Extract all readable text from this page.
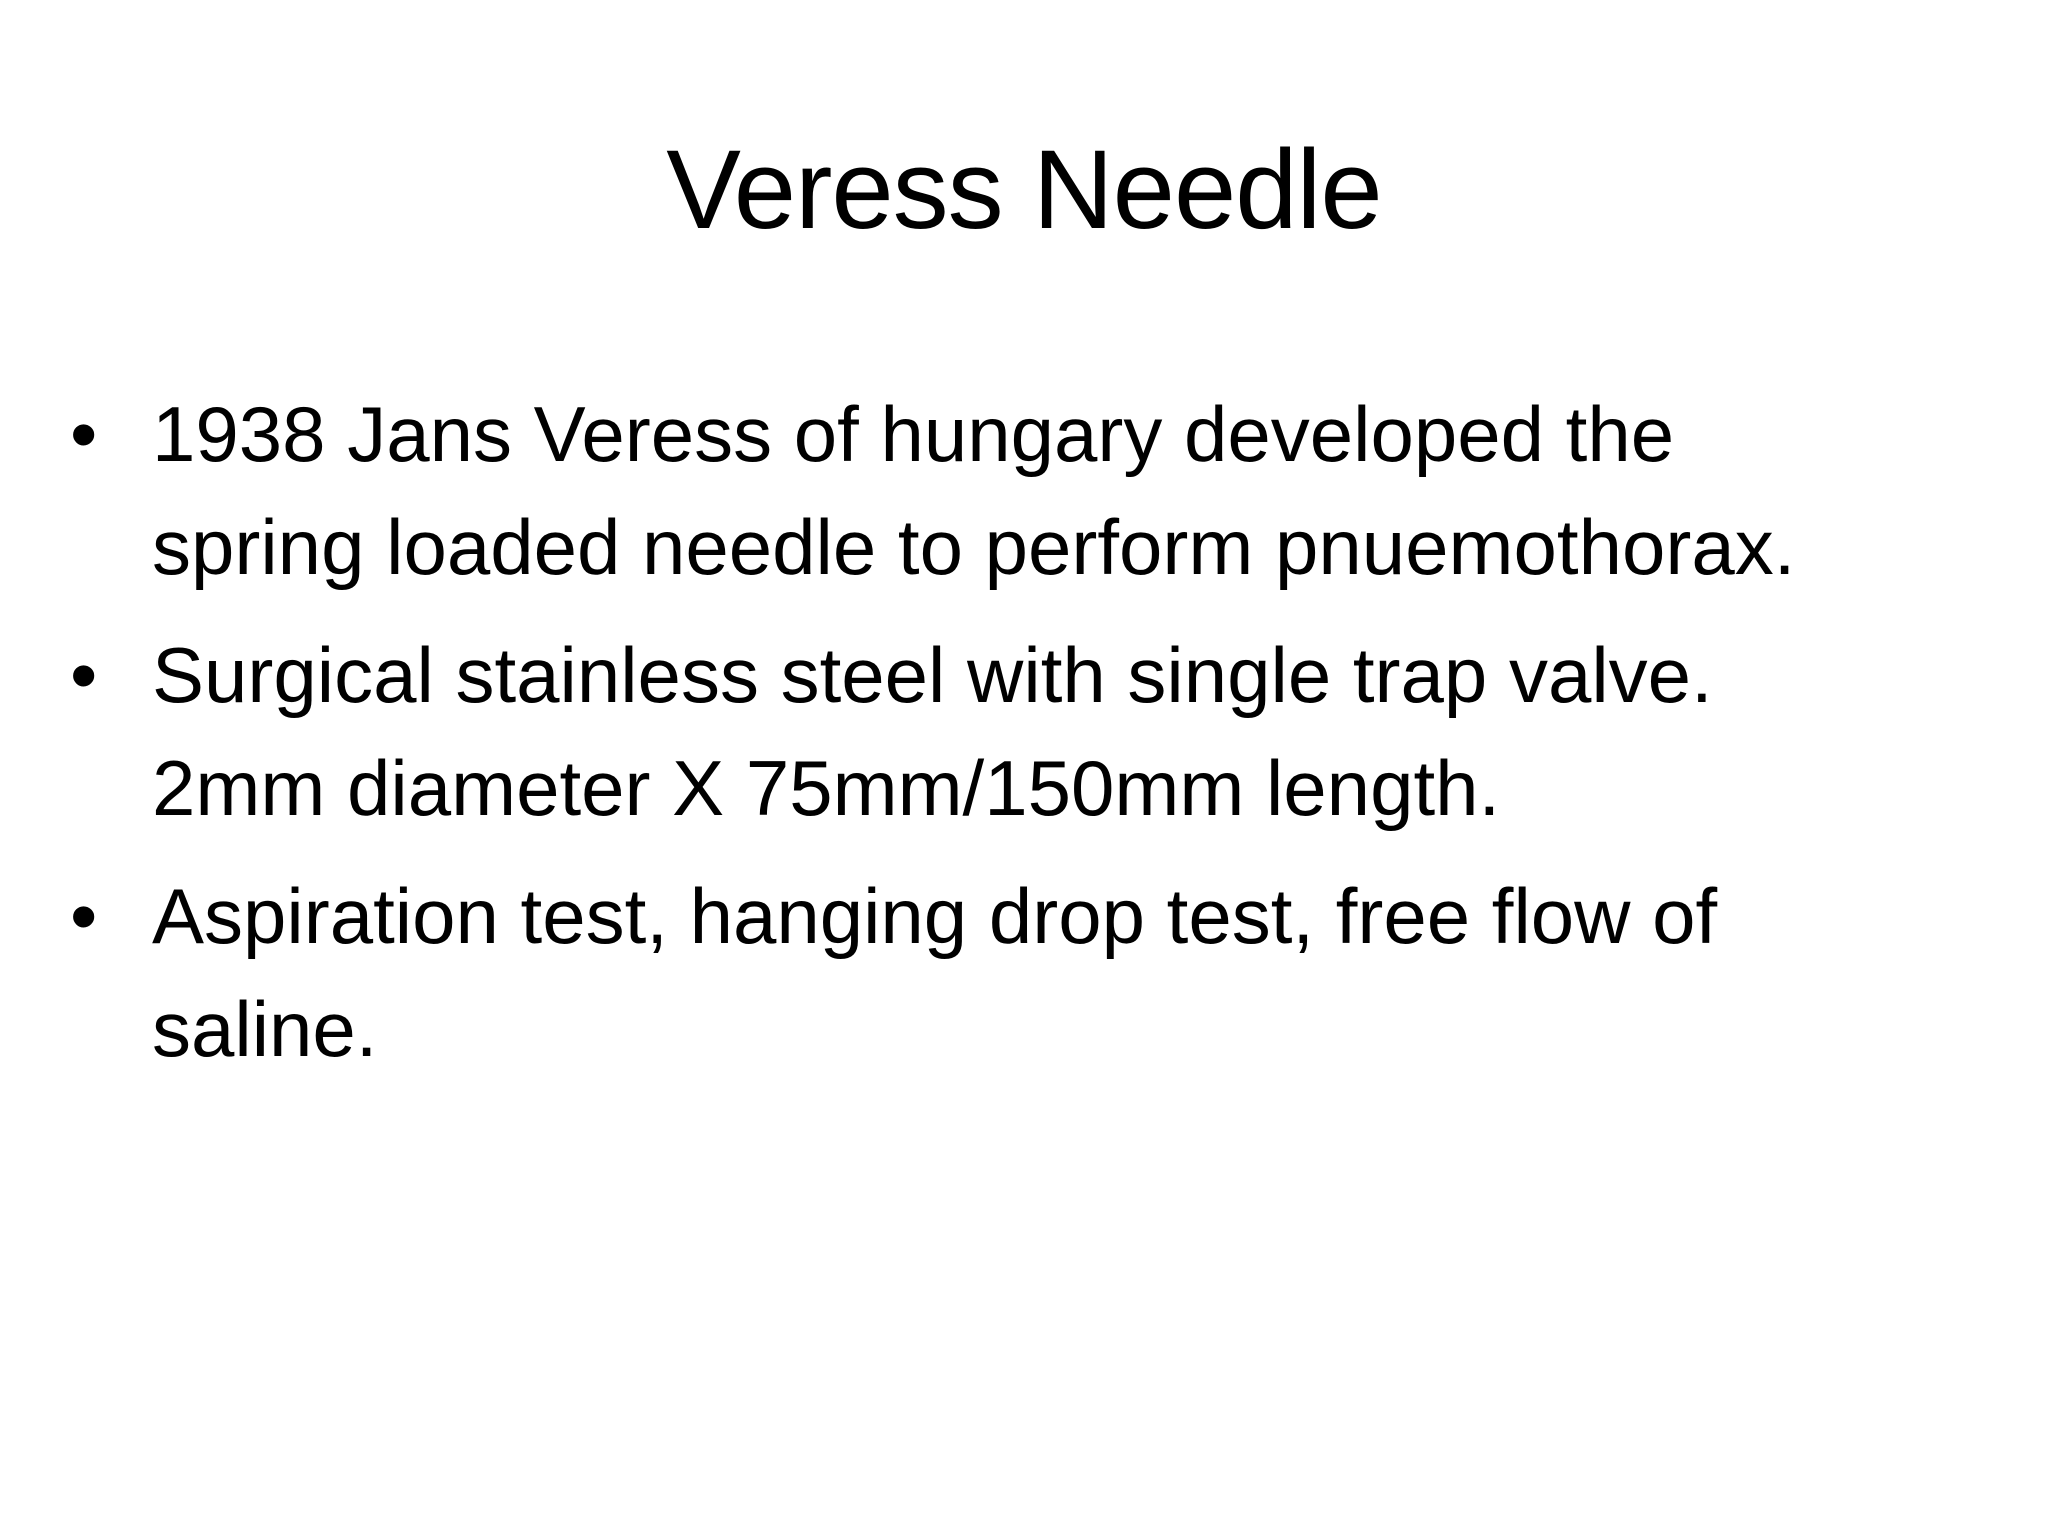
Veress Needle
• 1938 Jans Veress of hungary developed the
spring loaded needle to perform pnuemothorax.
• Surgical stainless steel with single trap valve.
2mm diameter X 75mm/150mm length.
• Aspiration test, hanging drop test, free flow of
saline.
